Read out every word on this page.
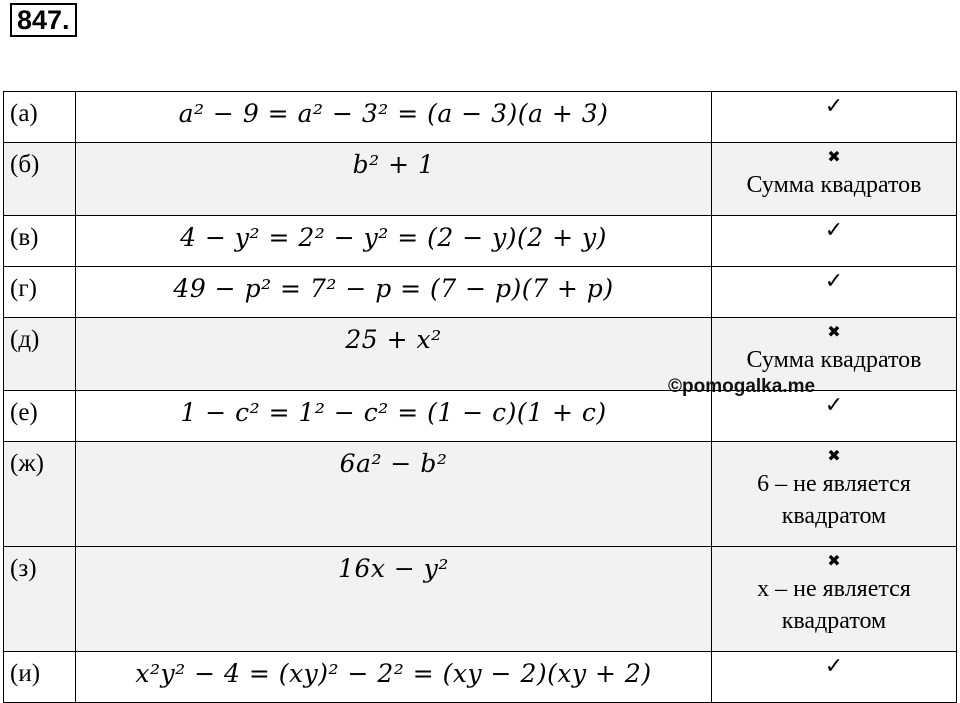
847.
(а)	a² − 9 = a² − 3² = (a − 3)(a + 3)	✓

(б)	b² + 1	✖
Сумма квадратов

(в)	4 − y² = 2² − y² = (2 − y)(2 + y)	✓

(г)	49 − p² = 7² − p = (7 − p)(7 + p)	✓

(д)	25 + x²	✖
Сумма квадратов

(е)	1 − c² = 1² − c² = (1 − c)(1 + c)	✓

(ж)	6a² − b²	✖
6 – не является
квадратом

(з)	16x − y²	✖
x – не является
квадратом

(и)	x²y² − 4 = (xy)² − 2² = (xy − 2)(xy + 2)	✓
©pomogalka.me
